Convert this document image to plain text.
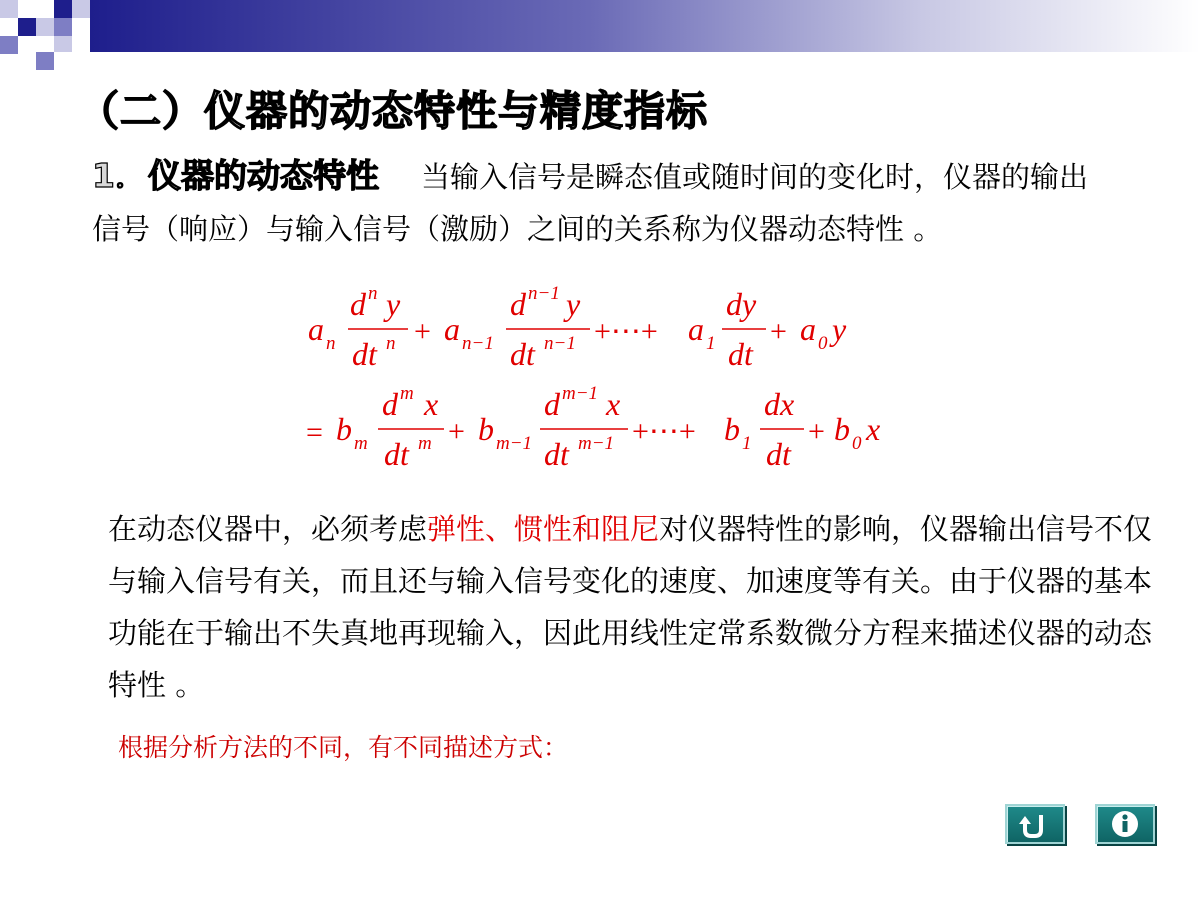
（二）仪器的动态特性与精度指标
1．仪器的动态特性 当输入信号是瞬态值或随时间的变化时，仪器的输出信号（响应）与输入信号（激励）之间的关系称为仪器动态特性 。
a n
d n y
dt n + a n−1
d n−1 y
dt n−1 +⋯+ a 1
dy
dt
+ a 0 y
= b m
d m x
dt m + b m−1
d m−1 x
dt m−1 +⋯+ b 1
dx
dt
+ b 0 x
在动态仪器中，必须考虑弹性、惯性和阻尼对仪器特性的影响，仪器输出信号不仅与输入信号有关，而且还与输入信号变化的速度、加速度等有关。由于仪器的基本功能在于输出不失真地再现输入，因此用线性定常系数微分方程来描述仪器的动态特性 。
根据分析方法的不同，有不同描述方式：
